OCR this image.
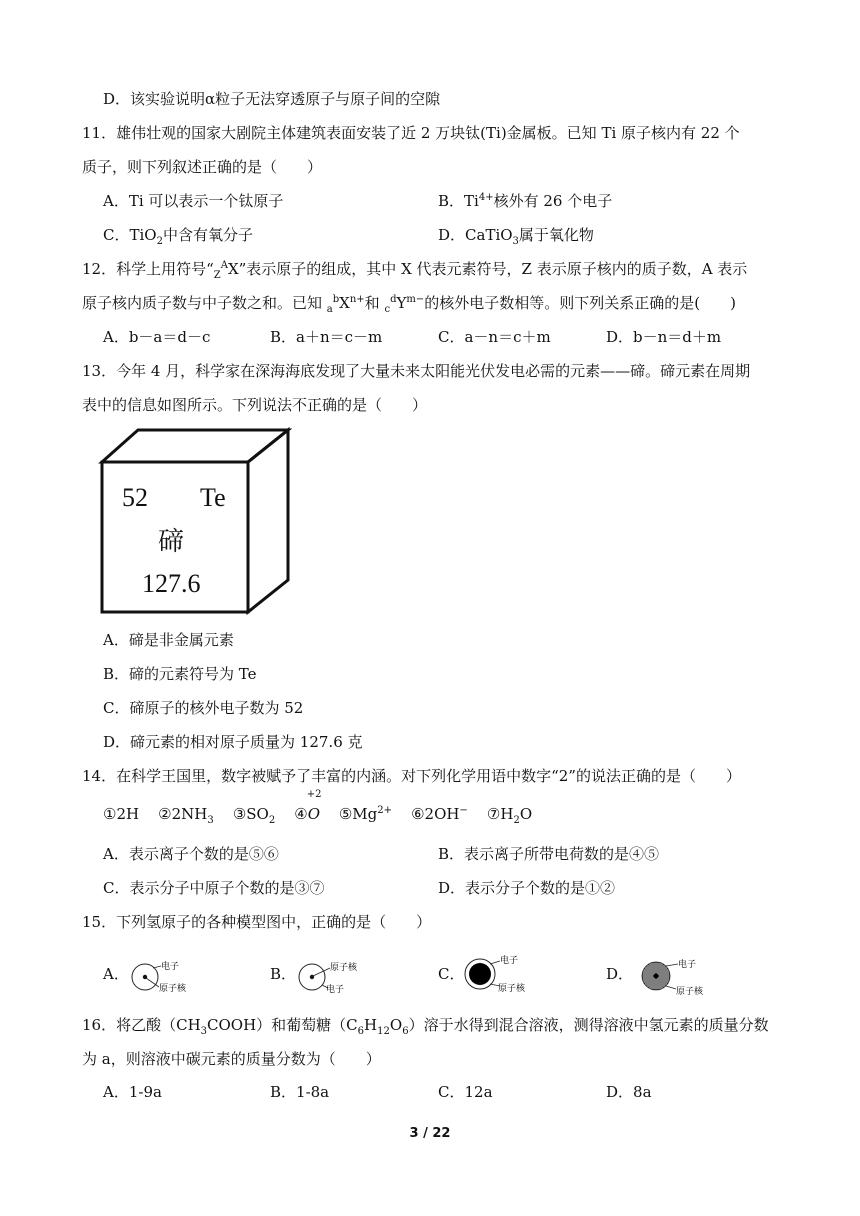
D．该实验说明α粒子无法穿透原子与原子间的空隙
11．雄伟壮观的国家大剧院主体建筑表面安装了近 2 万块钛(Ti)金属板。已知 Ti 原子核内有 22 个
质子，则下列叙述正确的是（　　）
A．Ti 可以表示一个钛原子	B．$Ti^{4+}$核外有 26 个电子
C．TiO$_2$中含有氧分子	D．CaTiO$_3$属于氧化物
12．科学上用符号“$_Z^AX$”表示原子的组成，其中 X 代表元素符号，Z 表示原子核内的质子数，A 表示
原子核内质子数与中子数之和。已知 $_a^bX^{n+}$和 $_c^dY^{m-}$的核外电子数相等。则下列关系正确的是(　　)
A．b－a＝d－c	B．a＋n＝c－m	C．a－n＝c＋m	D．b－n＝d＋m
13．今年 4 月，科学家在深海海底发现了大量未来太阳能光伏发电必需的元素——碲。碲元素在周期
表中的信息如图所示。下列说法不正确的是（　　）
52 Te
碲
127.6
A．碲是非金属元素
B．碲的元素符号为 Te
C．碲原子的核外电子数为 52
D．碲元素的相对原子质量为 127.6 克
14．在科学王国里，数字被赋予了丰富的内涵。对下列化学用语中数字“2”的说法正确的是（　　）
①2H $②2NH_3$ $③SO_2$ ④
+2
O $⑤Mg^{2+}$ ⑥2OH− $⑦H_2O$
A．表示离子个数的是⑤⑥	B．表示离子所带电荷数的是④⑤
C．表示分子中原子个数的是③⑦	D．表示分子个数的是①②
15．下列氢原子的各种模型图中，正确的是（　　）
A．	电子
原子核
B．	原子核
电子
C．
电子
原子核
D．	电子
原子核
16．将乙酸$(CH_3COOH)$和葡萄糖$(C_6H_{12}O_6)$溶于水得到混合溶液，测得溶液中氢元素的质量分数
为 a，则溶液中碳元素的质量分数为（　　）
A．1-9a	B．1-8a	C．12a	D．8a
3 / 22
